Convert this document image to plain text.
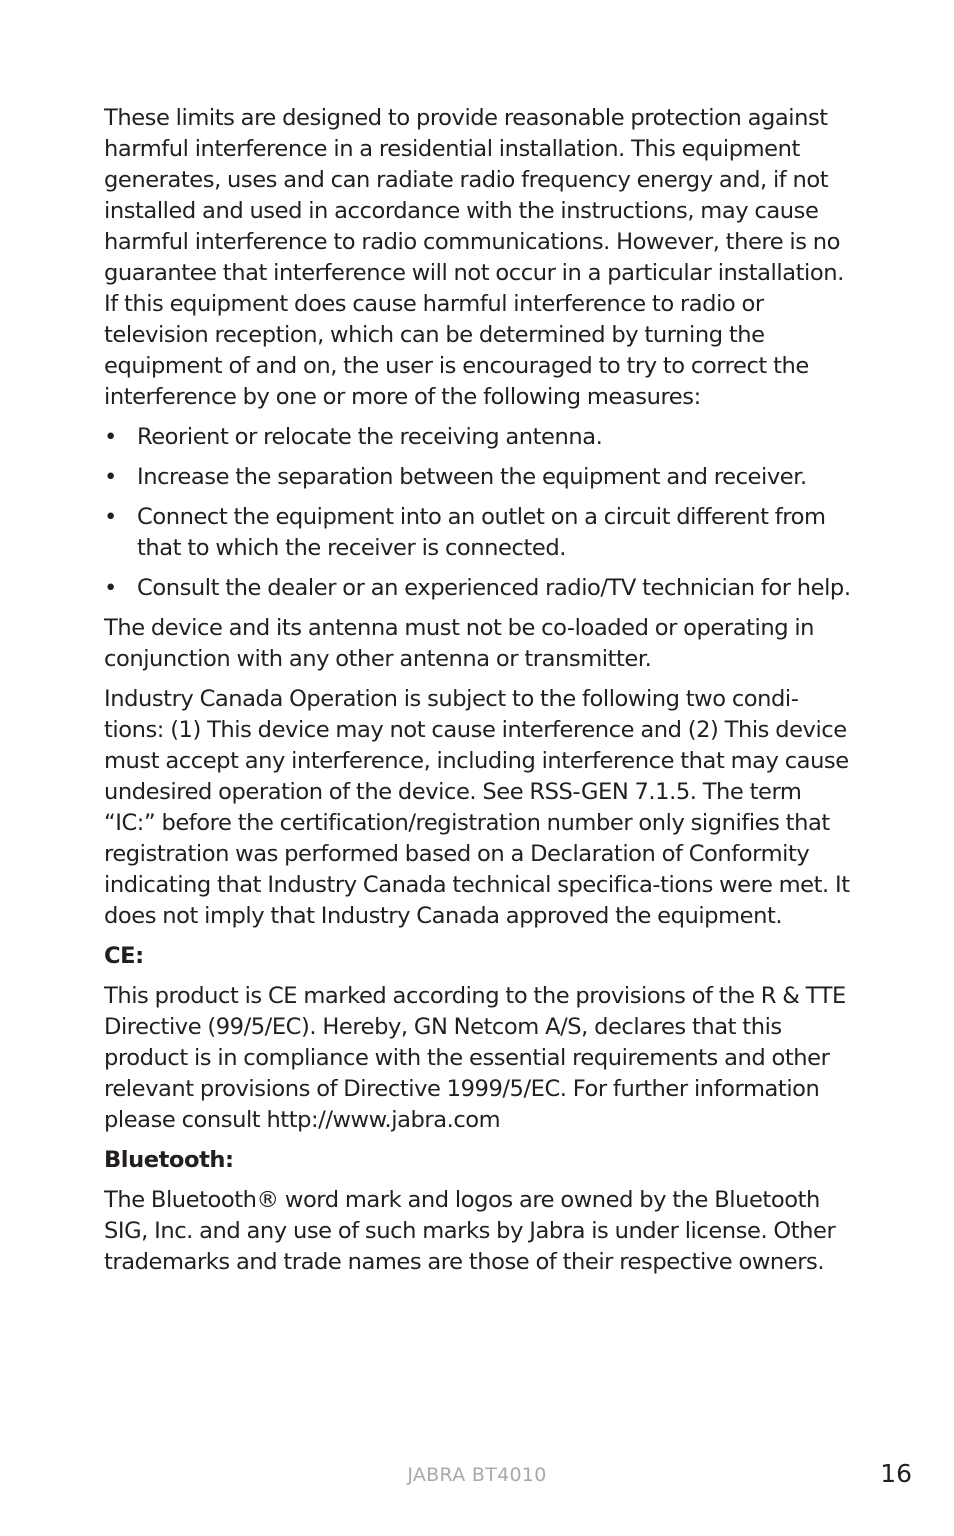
These limits are designed to provide reasonable protection against harmful interference in a residential installation. This equipment generates, uses and can radiate radio frequency energy and, if not installed and used in accordance with the instructions, may cause harmful interference to radio communications. However, there is no guarantee that interference will not occur in a particular installation. If this equipment does cause harmful interference to radio or television reception, which can be determined by turning the equipment of and on, the user is encouraged to try to correct the interference by one or more of the following measures:

• Reorient or relocate the receiving antenna.
• Increase the separation between the equipment and receiver.
• Connect the equipment into an outlet on a circuit different from that to which the receiver is connected.
• Consult the dealer or an experienced radio/TV technician for help.

The device and its antenna must not be co-loaded or operating in conjunction with any other antenna or transmitter.

Industry Canada Operation is subject to the following two condi-tions: (1) This device may not cause interference and (2) This device must accept any interference, including interference that may cause undesired operation of the device. See RSS-GEN 7.1.5. The term “IC:” before the certification/registration number only signifies that registration was performed based on a Declaration of Conformity indicating that Industry Canada technical specifica-tions were met. It does not imply that Industry Canada approved the equipment.

CE:

This product is CE marked according to the provisions of the R & TTE Directive (99/5/EC). Hereby, GN Netcom A/S, declares that this product is in compliance with the essential requirements and other relevant provisions of Directive 1999/5/EC. For further information please consult http://www.jabra.com

Bluetooth:

The Bluetooth® word mark and logos are owned by the Bluetooth SIG, Inc. and any use of such marks by Jabra is under license. Other trademarks and trade names are those of their respective owners.

JABRA BT4010	16
